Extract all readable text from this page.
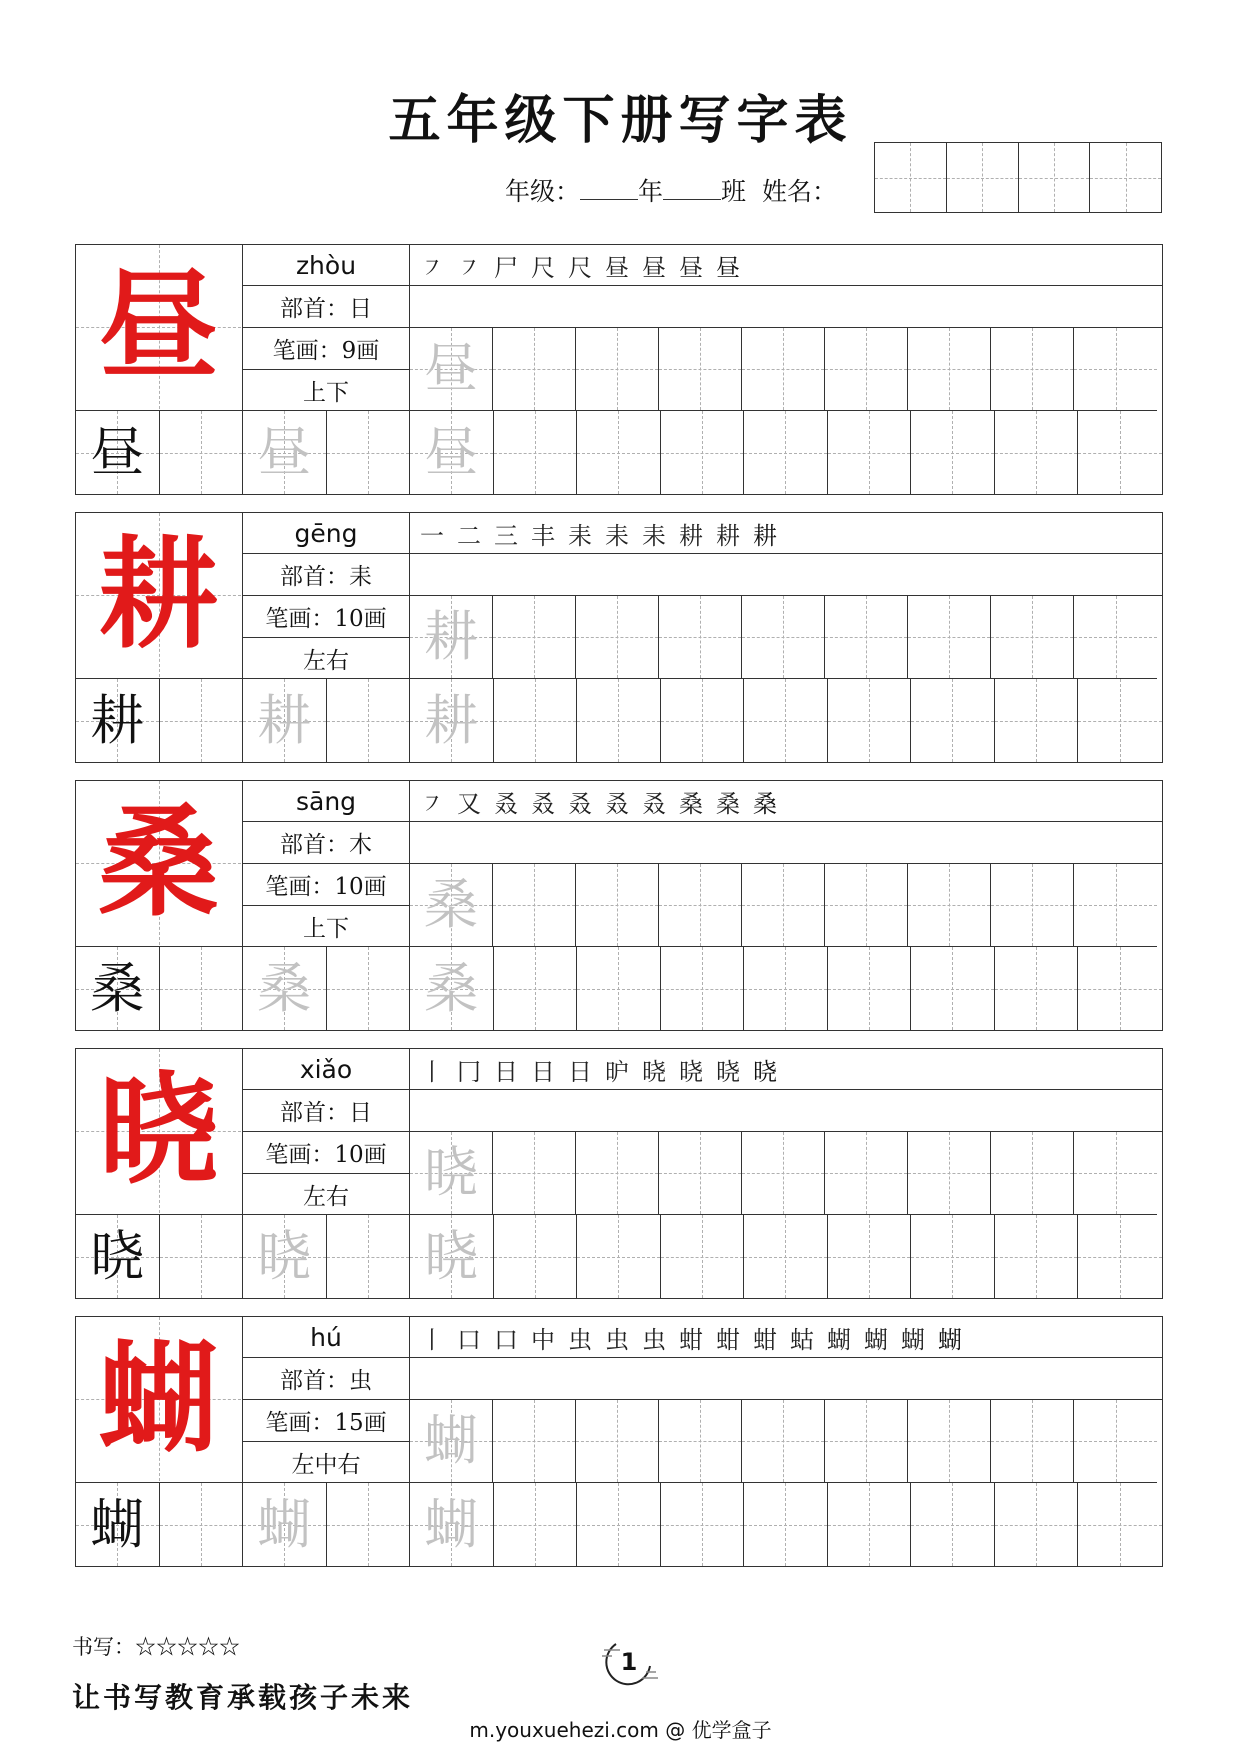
五年级下册写字表
年级： 年 班 姓名：
昼	zhòu
部首：日
笔画：9画
上下
㇇ ㇇ 尸 尺 尺 昼 昼 昼 昼
昼
昼 昼 昼
耕	gēng
部首：耒
笔画：10画
左右
一 二 三 丰 耒 耒 耒 耕 耕 耕
耕
耕 耕 耕
桑	sāng
部首：木
笔画：10画
上下
㇇ 又 叒 叒 叒 叒 叒 桑 桑 桑
桑
桑 桑 桑
晓	xiǎo
部首：日
笔画：10画
左右
丨 冂 日 日 日 昈 晓 晓 晓 晓
晓
晓 晓 晓
蝴	hú
部首：虫
笔画：15画
左中右
丨 口 口 中 虫 虫 虫 蚶 蚶 蚶 蛄 蝴 蝴 蝴 蝴
蝴
蝴 蝴 蝴
书写：☆☆☆☆☆
让书写教育承载孩子未来
1
m.youxuehezi.com @ 优学盒子
